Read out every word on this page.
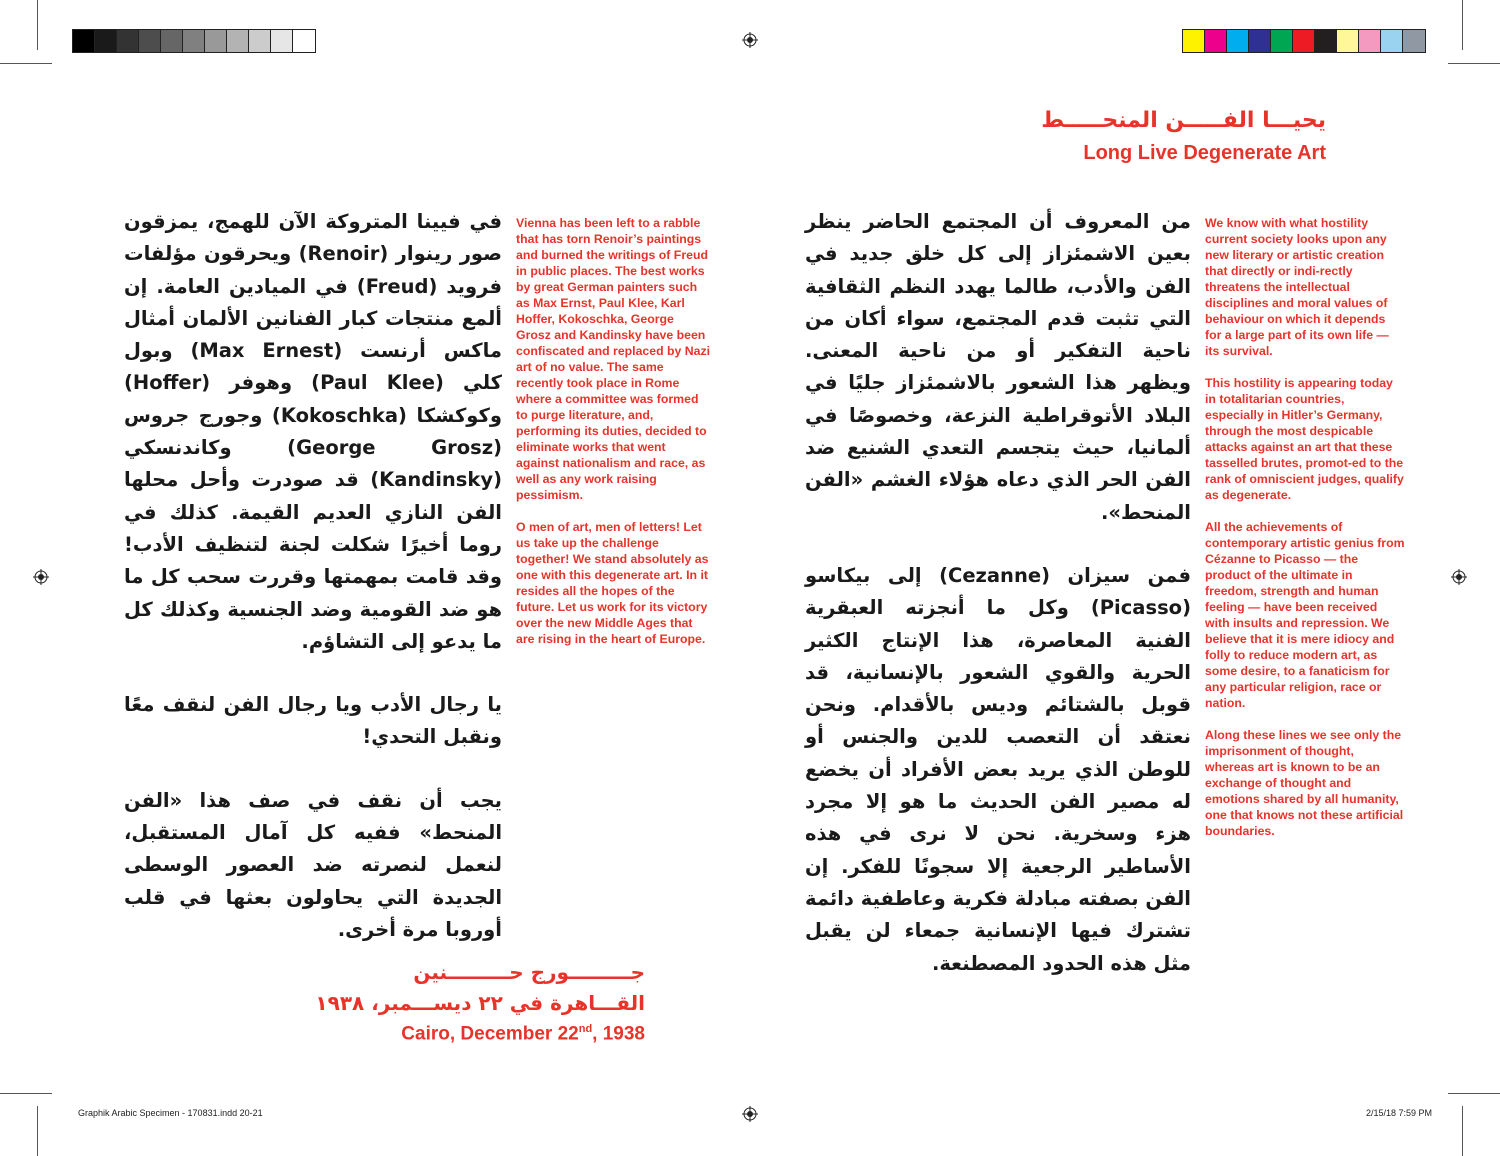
يحيـــا الفـــــن المنحـــــط
Long Live Degenerate Art

من المعروف أن المجتمع الحاضر ينظر بعين الاشمئزاز إلى كل خلق جديد في الفن والأدب، طالما يهدد النظم الثقافية التي تثبت قدم المجتمع، سواء أكان من ناحية التفكير أو من ناحية المعنى. ويظهر هذا الشعور بالاشمئزاز جليًا في البلاد الأتوقراطية النزعة، وخصوصًا في ألمانيا، حيث يتجسم التعدي الشنيع ضد الفن الحر الذي دعاه هؤلاء الغشم «الفن المنحط».

فمن سيزان (Cezanne) إلى بيكاسو (Picasso) وكل ما أنجزته العبقرية الفنية المعاصرة، هذا الإنتاج الكثير الحرية والقوي الشعور بالإنسانية، قد قوبل بالشتائم وديس بالأقدام. ونحن نعتقد أن التعصب للدين والجنس أو للوطن الذي يريد بعض الأفراد أن يخضع له مصير الفن الحديث ما هو إلا مجرد هزء وسخرية. نحن لا نرى في هذه الأساطير الرجعية إلا سجونًا للفكر. إن الفن بصفته مبادلة فكرية وعاطفية دائمة تشترك فيها الإنسانية جمعاء لن يقبل مثل هذه الحدود المصطنعة.

We know with what hostility current society looks upon any new literary or artistic creation that directly or indi-rectly threatens the intellectual disciplines and moral values of behaviour on which it depends for a large part of its own life — its survival.

This hostility is appearing today in totalitarian countries, especially in Hitler’s Germany, through the most despicable attacks against an art that these tasselled brutes, promot-ed to the rank of omniscient judges, qualify as degenerate.

All the achievements of contemporary artistic genius from Cézanne to Picasso — the product of the ultimate in freedom, strength and human feeling — have been received with insults and repression. We believe that it is mere idiocy and folly to reduce modern art, as some desire, to a fanaticism for any particular religion, race or nation.

Along these lines we see only the imprisonment of thought, whereas art is known to be an exchange of thought and emotions shared by all humanity, one that knows not these artificial boundaries.

في فيينا المتروكة الآن للهمج، يمزقون صور رينوار (Renoir) ويحرقون مؤلفات فرويد (Freud) في الميادين العامة. إن ألمع منتجات كبار الفنانين الألمان أمثال ماكس أرنست (Max Ernest) وبول كلي (Paul Klee) وهوفر (Hoffer) وكوكشكا (Kokoschka) وجورج جروس (George Grosz) وكاندنسكي (Kandinsky) قد صودرت وأحل محلها الفن النازي العديم القيمة. كذلك في روما أخيرًا شكلت لجنة لتنظيف الأدب! وقد قامت بمهمتها وقررت سحب كل ما هو ضد القومية وضد الجنسية وكذلك كل ما يدعو إلى التشاؤم.

يا رجال الأدب ويا رجال الفن لنقف معًا ونقبل التحدي!

يجب أن نقف في صف هذا «الفن المنحط» ففيه كل آمال المستقبل، لنعمل لنصرته ضد العصور الوسطى الجديدة التي يحاولون بعثها في قلب أوروبا مرة أخرى.

Vienna has been left to a rabble that has torn Renoir’s paintings and burned the writings of Freud in public places. The best works by great German painters such as Max Ernst, Paul Klee, Karl Hoffer, Kokoschka, George Grosz and Kandinsky have been confiscated and replaced by Nazi art of no value. The same recently took place in Rome where a committee was formed to purge literature, and, performing its duties, decided to eliminate works that went against nationalism and race, as well as any work raising pessimism.

O men of art, men of letters! Let us take up the challenge together! We stand absolutely as one with this degenerate art. In it resides all the hopes of the future. Let us work for its victory over the new Middle Ages that are rising in the heart of Europe.

جـــــــــورج حـــــــــنين
القـــاهرة في ٢٢ ديســـمبر، ١٩٣٨
Cairo, December 22nd, 1938
Graphik Arabic Specimen - 170831.indd 20-21	2/15/18 7:59 PM
